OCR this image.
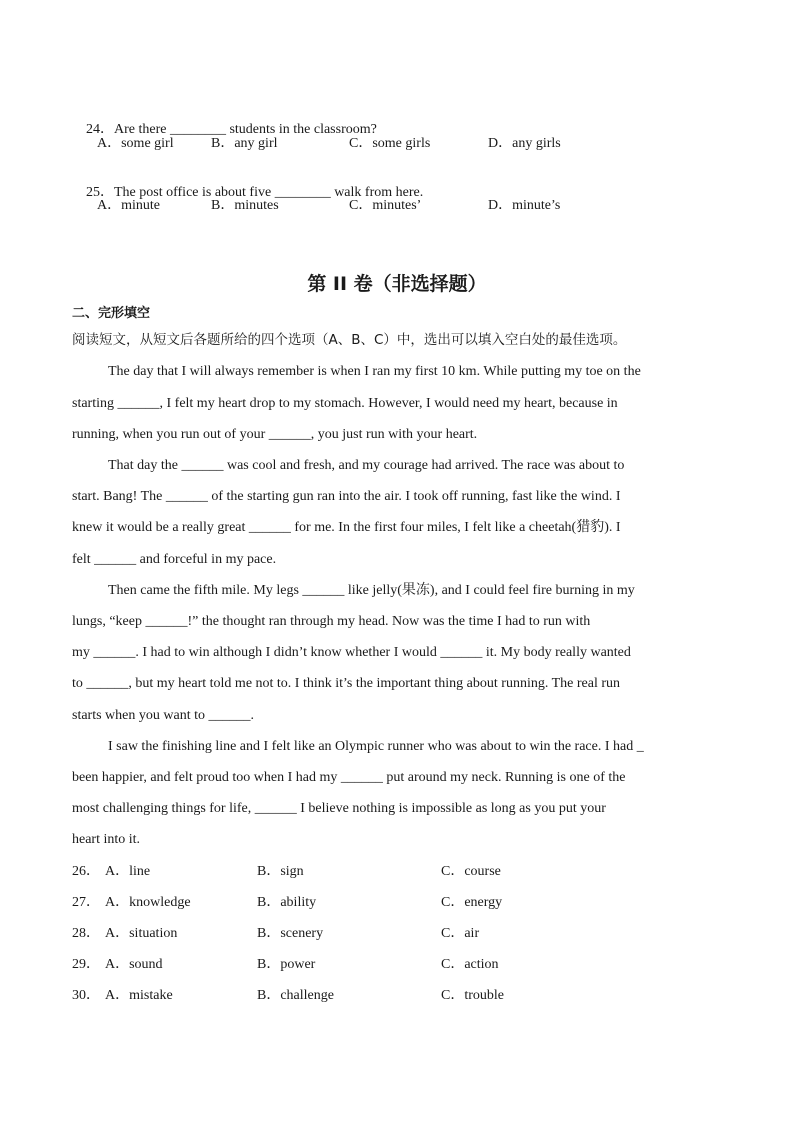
24．Are there ________ students in the classroom?

A．some girl	B．any girl	C．some girls	D．any girls

25．The post office is about five ________ walk from here.

A．minute	B．minutes	C．minutes’	D．minute’s
第 II 卷（非选择题）
二、完形填空
阅读短文，从短文后各题所给的四个选项（A、B、C）中，选出可以填入空白处的最佳选项。
The day that I will always remember is when I ran my first 10 km. While putting my toe on the
starting ______, I felt my heart drop to my stomach. However, I would need my heart, because in
running, when you run out of your ______, you just run with your heart.
That day the ______ was cool and fresh, and my courage had arrived. The race was about to
start. Bang! The ______ of the starting gun ran into the air. I took off running, fast like the wind. I
knew it would be a really great ______ for me. In the first four miles, I felt like a cheetah(猎豹). I
felt ______ and forceful in my pace.
Then came the fifth mile. My legs ______ like jelly(果冻), and I could feel fire burning in my
lungs, “keep ______!” the thought ran through my head. Now was the time I had to run with
my ______. I had to win although I didn’t know whether I would ______ it. My body really wanted
to ______, but my heart told me not to. I think it’s the important thing about running. The real run
starts when you want to ______.
I saw the finishing line and I felt like an Olympic runner who was about to win the race. I had _
been happier, and felt proud too when I had my ______ put around my neck. Running is one of the
most challenging things for life, ______ I believe nothing is impossible as long as you put your
heart into it.
26． A．line	B．sign	C．course
27． A．knowledge	B．ability	C．energy
28． A．situation	B．scenery	C．air
29． A．sound	B．power	C．action
30． A．mistake	B．challenge	C．trouble
